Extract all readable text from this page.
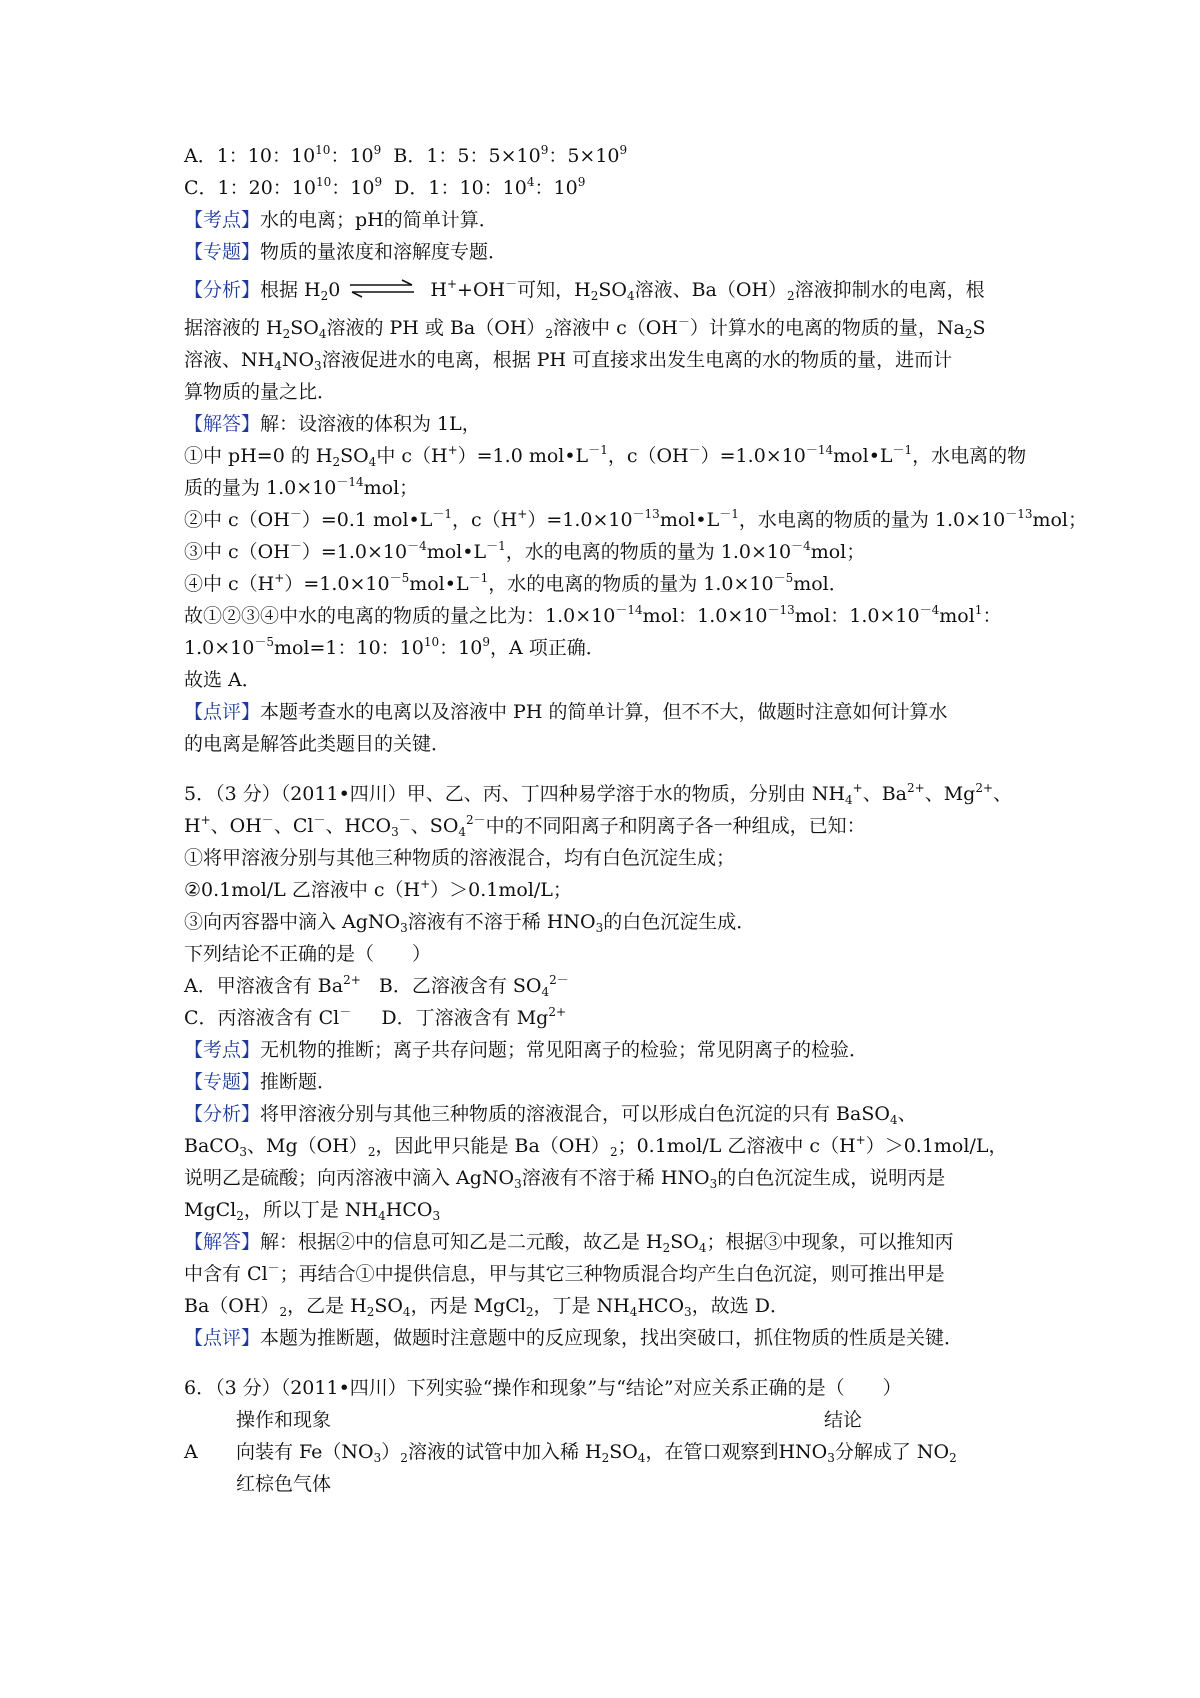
A．1：10：$10^{10}$：$10^9$  B．1：5：$5\times 10^9$：$5\times 10^9$
C．1：20：$10^{10}$：$10^9$  D．1：10：$10^4$：$10^9$
【考点】水的电离；pH的简单计算．
【专题】物质的量浓度和溶解度专题．
【分析】根据 $H_20$ ⇌ H++OH－可知，$H_2SO_4$溶液、$Ba(OH)_2$溶液抑制水的电离，根
据溶液的 $H_2SO_4$溶液的 PH 或 $Ba(OH)_2$溶液中 c（OH－）计算水的电离的物质的量，$Na_2S$
溶液、$NH_4NO_3$溶液促进水的电离，根据 PH 可直接求出发生电离的水的物质的量，进而计
算物质的量之比．
【解答】解：设溶液的体积为 1L，
①中 pH=0 的 $H_2SO_4$中 c（H+）=1.0 $mol•L^{-1}$，$c(OH^-)=1.0\times 10^{-14}mol•L^{-1}$，水电离的物
质的量为 $1.0\times 10^{-14}mol$；
②中 c（OH－）=0.1 $mol•L^{-1}$，$c(H^+)=1.0\times 10^{-13}mol•L^{-1}$，水电离的物质的量为 $1.0\times 10^{-13}mol$；
③中 $c(OH^-)=1.0\times 10^{-4}mol•L^{-1}$，水的电离的物质的量为 $1.0\times 10^{-4}mol$；
④中 $c(H^+)=1.0\times 10^{-5}mol•L^{-1}$，水的电离的物质的量为 $1.0\times 10^{-5}mol$．
故①②③④中水的电离的物质的量之比为：$1.0\times 10^{-14}mol$：$1.0\times 10^{-13}mol$：$1.0\times 10^{-4}mol^1$：
$1.0\times 10^{-5}mol=1$：10：$10^{10}$：$10^9$，A 项正确．
故选 A．
【点评】本题考查水的电离以及溶液中 PH 的简单计算，但不不大，做题时注意如何计算水
的电离是解答此类题目的关键．
5．（3 分）（2011•四川）甲、乙、丙、丁四种易学溶于水的物质，分别由 $NH_4^+$、$Ba^{2+}$、$Mg^{2+}$、
H+、OH－、Cl－、$HCO_3^-$、$SO_4^{2-}$中的不同阳离子和阴离子各一种组成，已知：
①将甲溶液分别与其他三种物质的溶液混合，均有白色沉淀生成；
②0.1mol/L 乙溶液中 c（H+）＞0.1mol/L；
③向丙容器中滴入 AgNO$_3$溶液有不溶于稀 $HNO_3$的白色沉淀生成．
下列结论不正确的是（　　）
A．甲溶液含有 $Ba^{2+}$   B．乙溶液含有 $SO_4^{2-}$
C．丙溶液含有 Cl－     D．丁溶液含有 $Mg^{2+}$
【考点】无机物的推断；离子共存问题；常见阳离子的检验；常见阴离子的检验．
【专题】推断题．
【分析】将甲溶液分别与其他三种物质的溶液混合，可以形成白色沉淀的只有 BaSO$_4$、
BaCO$_3$、$Mg(OH)_2$，因此甲只能是 $Ba(OH)_2$；0.1mol/L 乙溶液中 c（H+）＞0.1mol/L，
说明乙是硫酸；向丙溶液中滴入 AgNO$_3$溶液有不溶于稀 $HNO_3$的白色沉淀生成，说明丙是
MgCl$_2$，所以丁是 $NH_4HCO_3$
【解答】解：根据②中的信息可知乙是二元酸，故乙是 $H_2SO_4$；根据③中现象，可以推知丙
中含有 Cl－；再结合①中提供信息，甲与其它三种物质混合均产生白色沉淀，则可推出甲是
$Ba(OH)_2$，乙是 $H_2SO_4$，丙是 MgCl$_2$，丁是 $NH_4HCO_3$，故选 D．
【点评】本题为推断题，做题时注意题中的反应现象，找出突破口，抓住物质的性质是关键．
6．（3 分）（2011•四川）下列实验“操作和现象”与“结论”对应关系正确的是（　　）
操作和现象	结论
A 向装有 $Fe(NO_3)_2$溶液的试管中加入稀 $H_2SO_4$，在管口观察到$HNO_3$分解成了 $NO_2$
红棕色气体
